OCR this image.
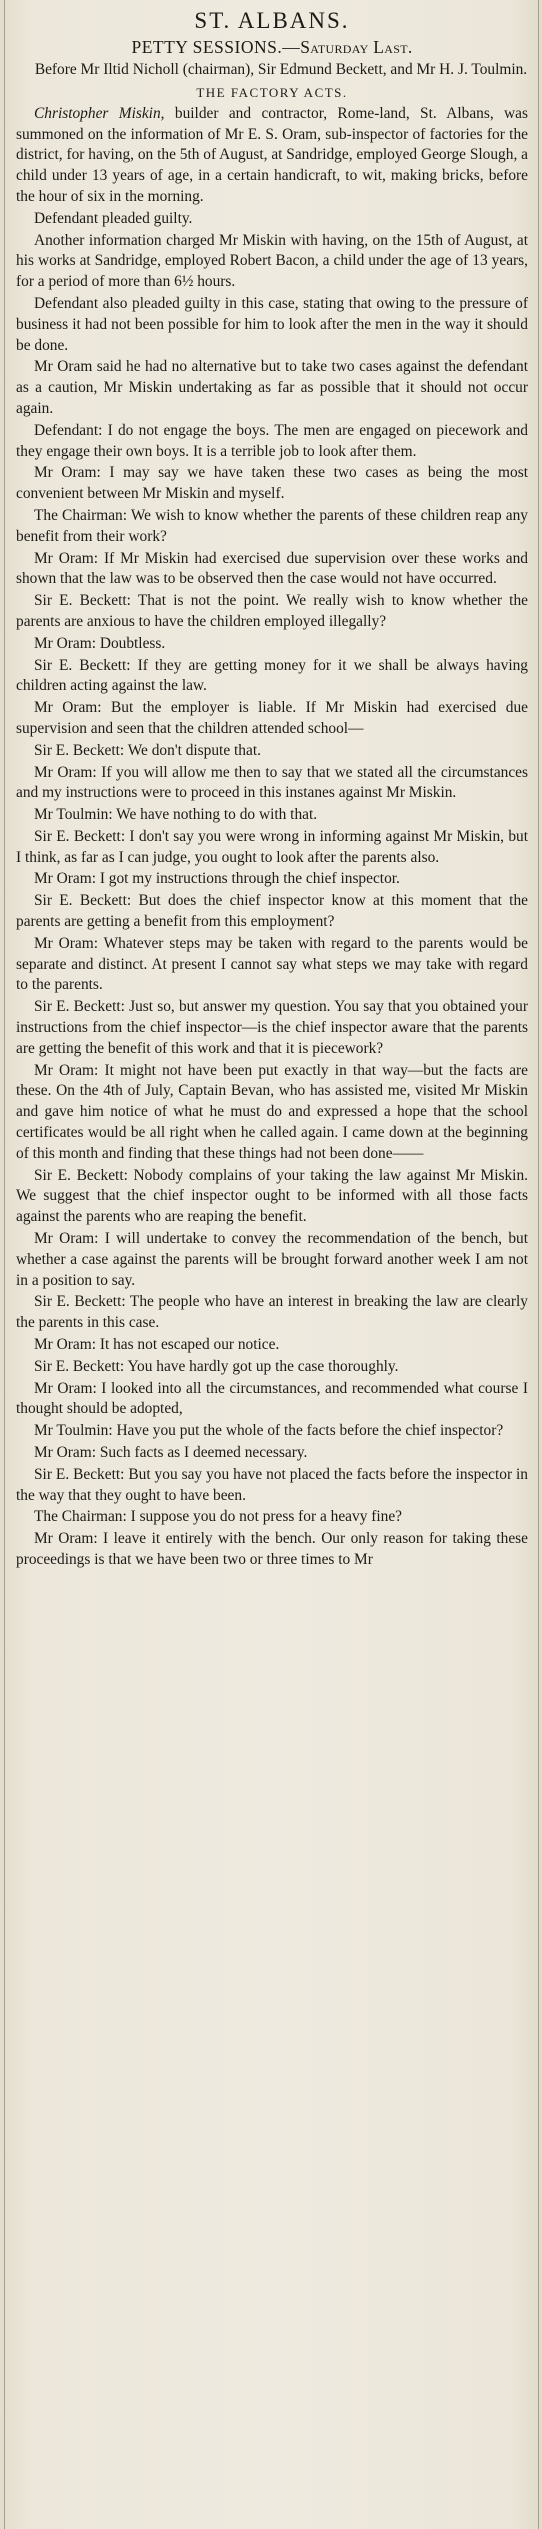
ST. ALBANS.
PETTY SESSIONS.—Saturday Last.

Before Mr Iltid Nicholl (chairman), Sir Edmund Beckett, and Mr H. J. Toulmin.

THE FACTORY ACTS.

Christopher Miskin, builder and contractor, Rome-land, St. Albans, was summoned on the information of Mr E. S. Oram, sub-inspector of factories for the district, for having, on the 5th of August, at Sandridge, employed George Slough, a child under 13 years of age, in a certain handicraft, to wit, making bricks, before the hour of six in the morning.

Defendant pleaded guilty.

Another information charged Mr Miskin with having, on the 15th of August, at his works at Sandridge, employed Robert Bacon, a child under the age of 13 years, for a period of more than 6½ hours.

Defendant also pleaded guilty in this case, stating that owing to the pressure of business it had not been possible for him to look after the men in the way it should be done.

Mr Oram said he had no alternative but to take two cases against the defendant as a caution, Mr Miskin undertaking as far as possible that it should not occur again.

Defendant: I do not engage the boys. The men are engaged on piecework and they engage their own boys. It is a terrible job to look after them.

Mr Oram: I may say we have taken these two cases as being the most convenient between Mr Miskin and myself.

The Chairman: We wish to know whether the parents of these children reap any benefit from their work?

Mr Oram: If Mr Miskin had exercised due supervision over these works and shown that the law was to be observed then the case would not have occurred.

Sir E. Beckett: That is not the point. We really wish to know whether the parents are anxious to have the children employed illegally?

Mr Oram: Doubtless.

Sir E. Beckett: If they are getting money for it we shall be always having children acting against the law.

Mr Oram: But the employer is liable. If Mr Miskin had exercised due supervision and seen that the children attended school—

Sir E. Beckett: We don't dispute that.

Mr Oram: If you will allow me then to say that we stated all the circumstances and my instructions were to proceed in this instanes against Mr Miskin.

Mr Toulmin: We have nothing to do with that.

Sir E. Beckett: I don't say you were wrong in informing against Mr Miskin, but I think, as far as I can judge, you ought to look after the parents also.

Mr Oram: I got my instructions through the chief inspector.

Sir E. Beckett: But does the chief inspector know at this moment that the parents are getting a benefit from this employment?

Mr Oram: Whatever steps may be taken with regard to the parents would be separate and distinct. At present I cannot say what steps we may take with regard to the parents.

Sir E. Beckett: Just so, but answer my question. You say that you obtained your instructions from the chief inspector—is the chief inspector aware that the parents are getting the benefit of this work and that it is piecework?

Mr Oram: It might not have been put exactly in that way—but the facts are these. On the 4th of July, Captain Bevan, who has assisted me, visited Mr Miskin and gave him notice of what he must do and expressed a hope that the school certificates would be all right when he called again. I came down at the beginning of this month and finding that these things had not been done——

Sir E. Beckett: Nobody complains of your taking the law against Mr Miskin. We suggest that the chief inspector ought to be informed with all those facts against the parents who are reaping the benefit.

Mr Oram: I will undertake to convey the recommendation of the bench, but whether a case against the parents will be brought forward another week I am not in a position to say.

Sir E. Beckett: The people who have an interest in breaking the law are clearly the parents in this case.

Mr Oram: It has not escaped our notice.

Sir E. Beckett: You have hardly got up the case thoroughly.

Mr Oram: I looked into all the circumstances, and recommended what course I thought should be adopted,

Mr Toulmin: Have you put the whole of the facts before the chief inspector?

Mr Oram: Such facts as I deemed necessary.

Sir E. Beckett: But you say you have not placed the facts before the inspector in the way that they ought to have been.

The Chairman: I suppose you do not press for a heavy fine?

Mr Oram: I leave it entirely with the bench. Our only reason for taking these proceedings is that we have been two or three times to Mr
